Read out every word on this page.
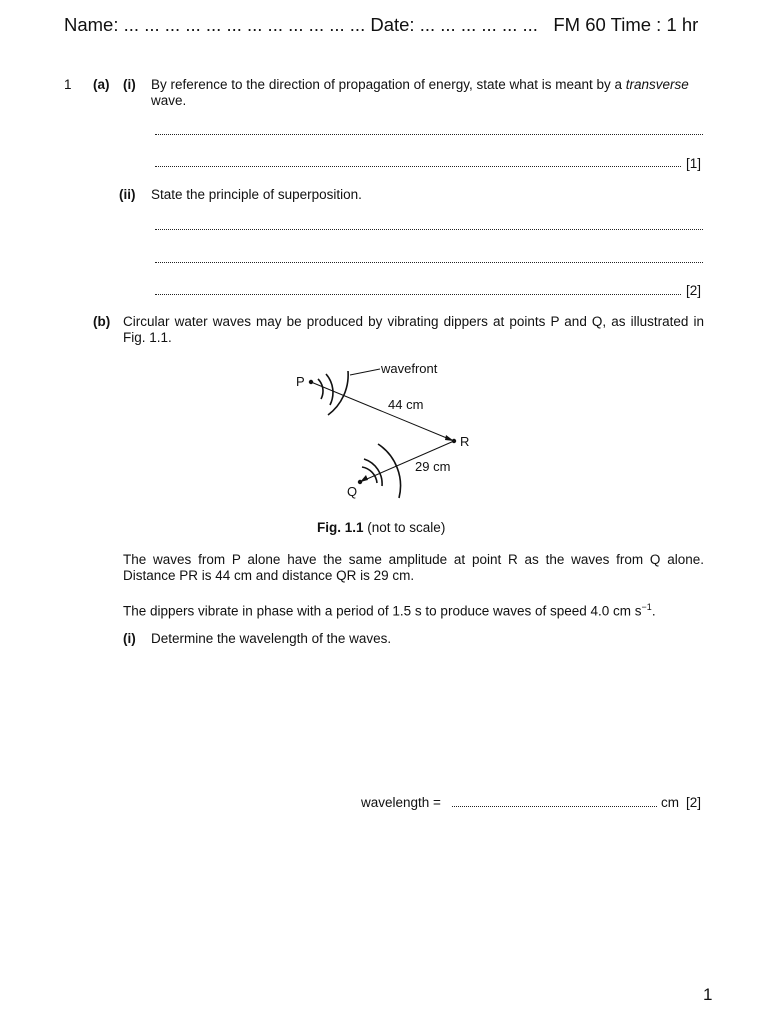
Name: ... ... ... ... ... ... ... ... ... ... ... ... Date: ... ... ... ... ... ... FM 60 Time : 1 hr
1 (a) (i) By reference to the direction of propagation of energy, state what is meant by a transverse
wave.
[1]
(ii) State the principle of superposition.
[2]
(b) Circular water waves may be produced by vibrating dippers at points P and Q, as illustrated in
Fig. 1.1.
P
R
Q
wavefront
44 cm
29 cm
Fig. 1.1 (not to scale)
The waves from P alone have the same amplitude at point R as the waves from Q alone.
Distance PR is 44 cm and distance QR is 29 cm.
The dippers vibrate in phase with a period of 1.5 s to produce waves of speed 4.0 cm $s^{-1}$.
(i) Determine the wavelength of the waves.
wavelength =	cm [2]
1
